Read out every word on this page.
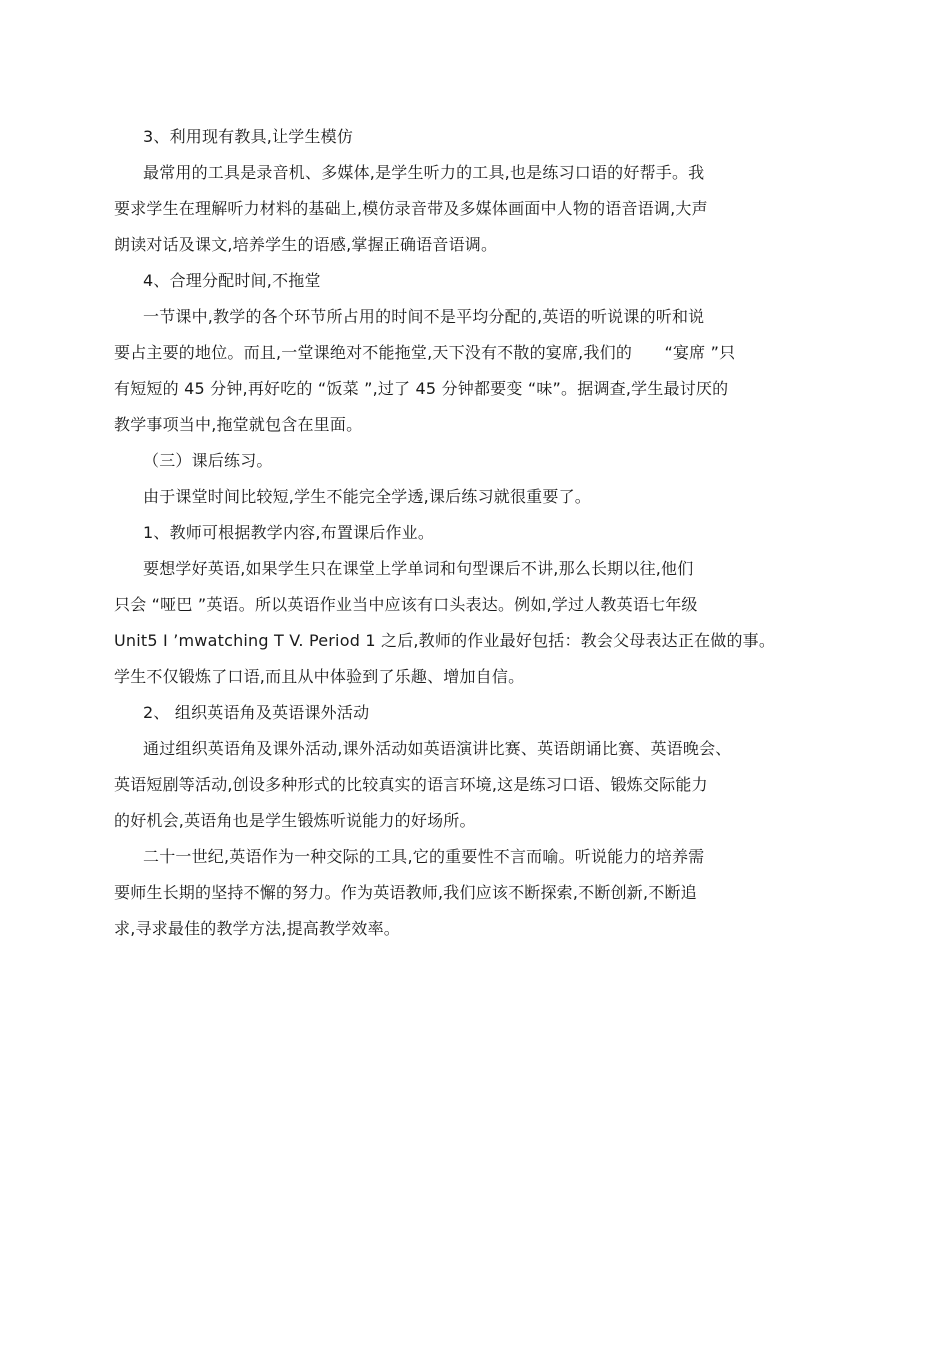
3、利用现有教具,让学生模仿
最常用的工具是录音机、多媒体,是学生听力的工具,也是练习口语的好帮手。我
要求学生在理解听力材料的基础上,模仿录音带及多媒体画面中人物的语音语调,大声
朗读对话及课文,培养学生的语感,掌握正确语音语调。
4、合理分配时间,不拖堂
一节课中,教学的各个环节所占用的时间不是平均分配的,英语的听说课的听和说
要占主要的地位。而且,一堂课绝对不能拖堂,天下没有不散的宴席,我们的　　“宴席 ”只
有短短的 45 分钟,再好吃的 “饭菜 ”,过了 45 分钟都要变 “味”。据调查,学生最讨厌的
教学事项当中,拖堂就包含在里面。
（三）课后练习。
由于课堂时间比较短,学生不能完全学透,课后练习就很重要了。
1、教师可根据教学内容,布置课后作业。
要想学好英语,如果学生只在课堂上学单词和句型课后不讲,那么长期以往,他们
只会 “哑巴 ”英语。所以英语作业当中应该有口头表达。例如,学过人教英语七年级
Unit5 I ’mwatching T V. Period 1 之后,教师的作业最好包括：教会父母表达正在做的事。
学生不仅锻炼了口语,而且从中体验到了乐趣、增加自信。
2、 组织英语角及英语课外活动
通过组织英语角及课外活动,课外活动如英语演讲比赛、英语朗诵比赛、英语晚会、
英语短剧等活动,创设多种形式的比较真实的语言环境,这是练习口语、锻炼交际能力
的好机会,英语角也是学生锻炼听说能力的好场所。
二十一世纪,英语作为一种交际的工具,它的重要性不言而喻。听说能力的培养需
要师生长期的坚持不懈的努力。作为英语教师,我们应该不断探索,不断创新,不断追
求,寻求最佳的教学方法,提高教学效率。
